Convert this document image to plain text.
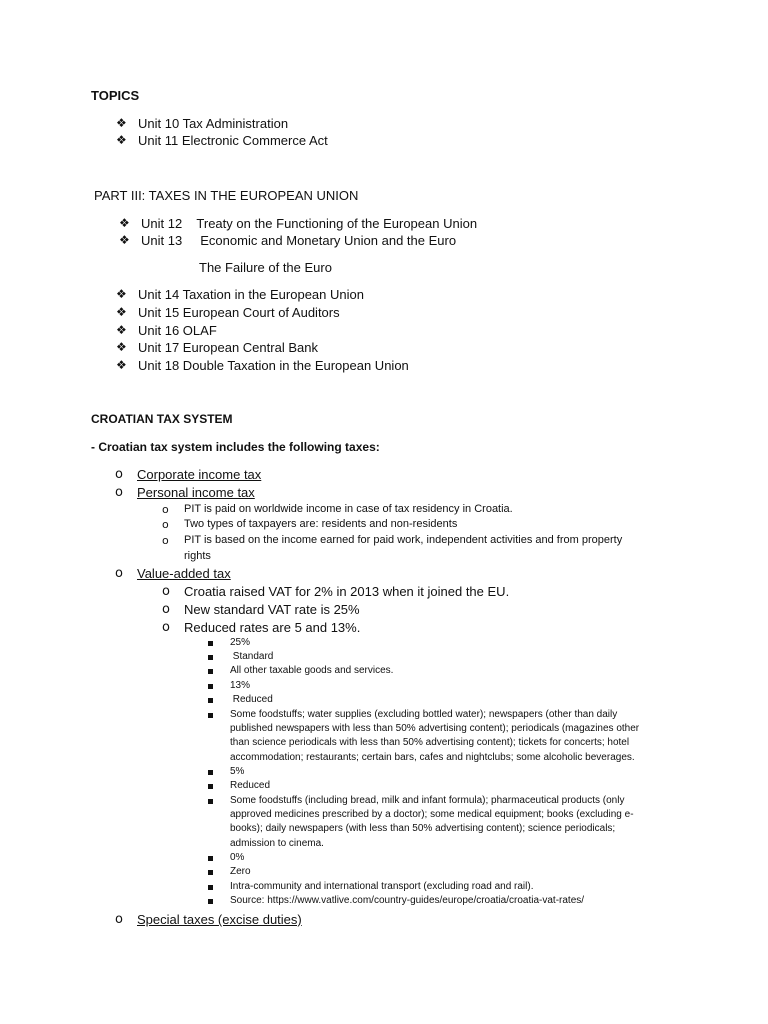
TOPICS
❖ Unit 10 Tax Administration
❖ Unit 11 Electronic Commerce Act
PART III: TAXES IN THE EUROPEAN UNION
❖ Unit 12    Treaty on the Functioning of the European Union
❖ Unit 13     Economic and Monetary Union and the Euro
The Failure of the Euro
❖ Unit 14 Taxation in the European Union
❖ Unit 15 European Court of Auditors
❖ Unit 16 OLAF
❖ Unit 17 European Central Bank
❖ Unit 18 Double Taxation in the European Union
CROATIAN TAX SYSTEM
- Croatian tax system includes the following taxes:
o Corporate income tax
o Personal income tax
o PIT is paid on worldwide income in case of tax residency in Croatia.
o Two types of taxpayers are: residents and non-residents
o PIT is based on the income earned for paid work, independent activities and from property
rights
o Value-added tax
o Croatia raised VAT for 2% in 2013 when it joined the EU.
o New standard VAT rate is 25%
o Reduced rates are 5 and 13%.
25%
Standard
All other taxable goods and services.
13%
Reduced
Some foodstuffs; water supplies (excluding bottled water); newspapers (other than daily
published newspapers with less than 50% advertising content); periodicals (magazines other
than science periodicals with less than 50% advertising content); tickets for concerts; hotel
accommodation; restaurants; certain bars, cafes and nightclubs; some alcoholic beverages.
5%
Reduced
Some foodstuffs (including bread, milk and infant formula); pharmaceutical products (only
approved medicines prescribed by a doctor); some medical equipment; books (excluding e-
books); daily newspapers (with less than 50% advertising content); science periodicals;
admission to cinema.
0%
Zero
Intra-community and international transport (excluding road and rail).
Source: https://www.vatlive.com/country-guides/europe/croatia/croatia-vat-rates/
o Special taxes (excise duties)
